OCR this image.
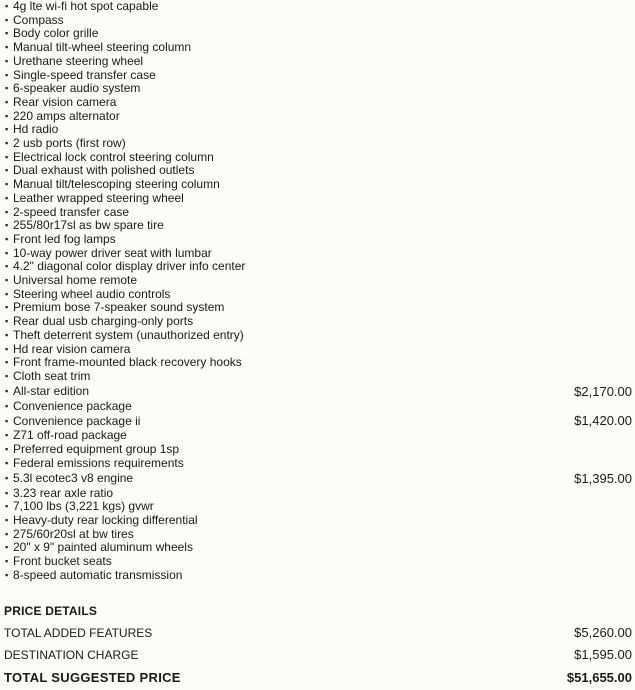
▪ 4g lte wi-fi hot spot capable
▪ Compass
▪ Body color grille
▪ Manual tilt-wheel steering column
▪ Urethane steering wheel
▪ Single-speed transfer case
▪ 6-speaker audio system
▪ Rear vision camera
▪ 220 amps alternator
▪ Hd radio
▪ 2 usb ports (first row)
▪ Electrical lock control steering column
▪ Dual exhaust with polished outlets
▪ Manual tilt/telescoping steering column
▪ Leather wrapped steering wheel
▪ 2-speed transfer case
▪ 255/80r17sl as bw spare tire
▪ Front led fog lamps
▪ 10-way power driver seat with lumbar
▪ 4.2" diagonal color display driver info center
▪ Universal home remote
▪ Steering wheel audio controls
▪ Premium bose 7-speaker sound system
▪ Rear dual usb charging-only ports
▪ Theft deterrent system (unauthorized entry)
▪ Hd rear vision camera
▪ Front frame-mounted black recovery hooks
▪ Cloth seat trim
▪ All-star edition	$2,170.00
▪ Convenience package
▪ Convenience package ii	$1,420.00
▪ Z71 off-road package
▪ Preferred equipment group 1sp
▪ Federal emissions requirements
▪ 5.3l ecotec3 v8 engine	$1,395.00
▪ 3.23 rear axle ratio
▪ 7,100 lbs (3,221 kgs) gvwr
▪ Heavy-duty rear locking differential
▪ 275/60r20sl at bw tires
▪ 20" x 9" painted aluminum wheels
▪ Front bucket seats
▪ 8-speed automatic transmission
PRICE DETAILS
TOTAL ADDED FEATURES	$5,260.00
DESTINATION CHARGE	$1,595.00
TOTAL SUGGESTED PRICE	$51,655.00
